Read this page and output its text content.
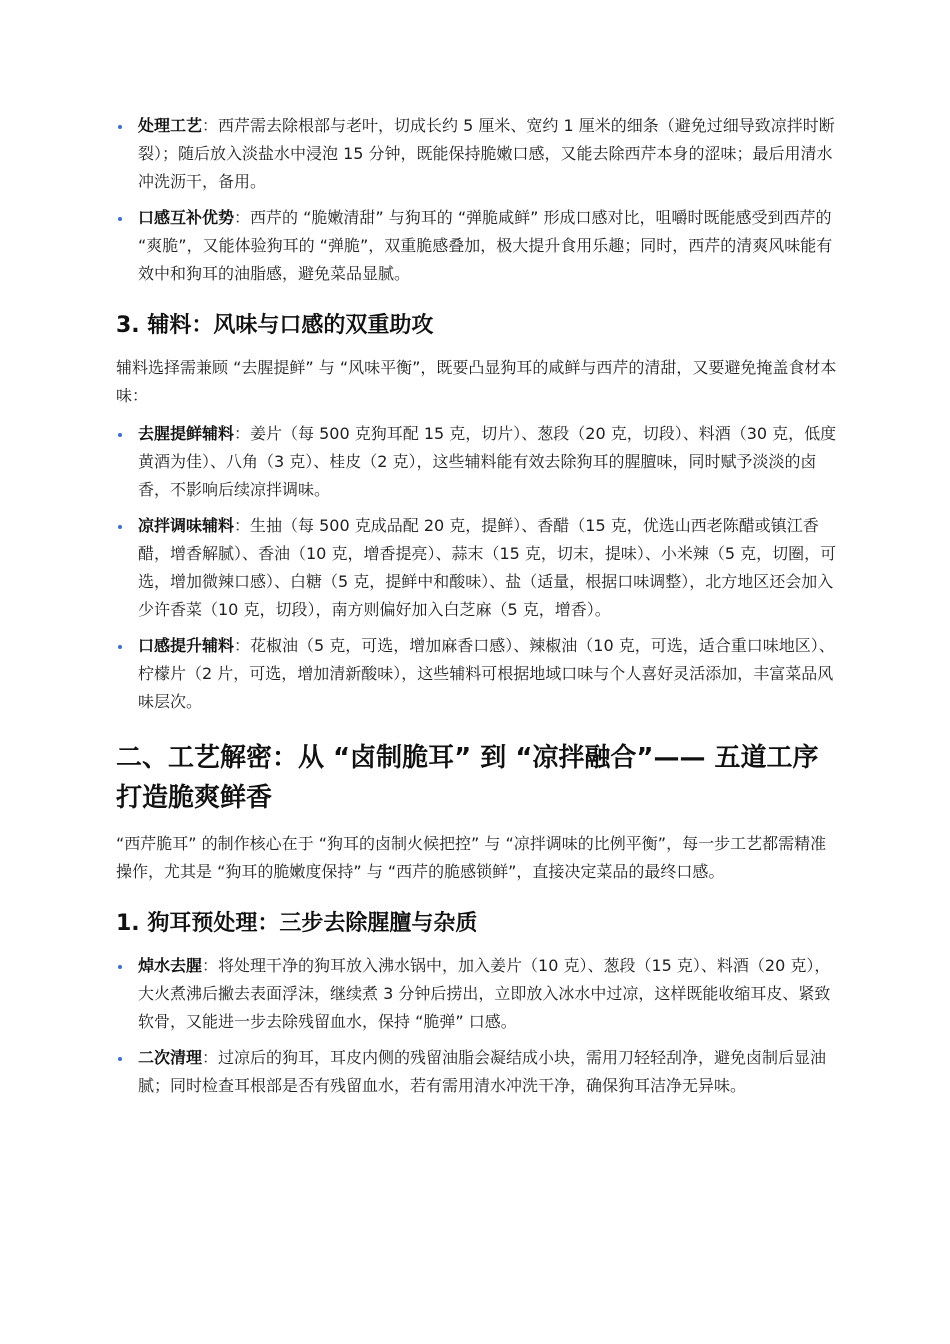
处理工艺：西芹需去除根部与老叶，切成长约 5 厘米、宽约 1 厘米的细条（避免过细导致凉拌时断裂）；随后放入淡盐水中浸泡 15 分钟，既能保持脆嫩口感，又能去除西芹本身的涩味；最后用清水冲洗沥干，备用。
口感互补优势：西芹的 “脆嫩清甜” 与狗耳的 “弹脆咸鲜” 形成口感对比，咀嚼时既能感受到西芹的 “爽脆”，又能体验狗耳的 “弹脆”，双重脆感叠加，极大提升食用乐趣；同时，西芹的清爽风味能有效中和狗耳的油脂感，避免菜品显腻。
3. 辅料：风味与口感的双重助攻

辅料选择需兼顾 “去腥提鲜” 与 “风味平衡”，既要凸显狗耳的咸鲜与西芹的清甜，又要避免掩盖食材本味：

去腥提鲜辅料：姜片（每 500 克狗耳配 15 克，切片）、葱段（20 克，切段）、料酒（30 克，低度黄酒为佳）、八角（3 克）、桂皮（2 克），这些辅料能有效去除狗耳的腥膻味，同时赋予淡淡的卤香，不影响后续凉拌调味。
凉拌调味辅料：生抽（每 500 克成品配 20 克，提鲜）、香醋（15 克，优选山西老陈醋或镇江香醋，增香解腻）、香油（10 克，增香提亮）、蒜末（15 克，切末，提味）、小米辣（5 克，切圈，可选，增加微辣口感）、白糖（5 克，提鲜中和酸味）、盐（适量，根据口味调整），北方地区还会加入少许香菜（10 克，切段），南方则偏好加入白芝麻（5 克，增香）。
口感提升辅料：花椒油（5 克，可选，增加麻香口感）、辣椒油（10 克，可选，适合重口味地区）、柠檬片（2 片，可选，增加清新酸味），这些辅料可根据地域口味与个人喜好灵活添加，丰富菜品风味层次。
二、工艺解密：从 “卤制脆耳” 到 “凉拌融合”—— 五道工序打造脆爽鲜香

“西芹脆耳” 的制作核心在于 “狗耳的卤制火候把控” 与 “凉拌调味的比例平衡”，每一步工艺都需精准操作，尤其是 “狗耳的脆嫩度保持” 与 “西芹的脆感锁鲜”，直接决定菜品的最终口感。

1. 狗耳预处理：三步去除腥膻与杂质
焯水去腥：将处理干净的狗耳放入沸水锅中，加入姜片（10 克）、葱段（15 克）、料酒（20 克），大火煮沸后撇去表面浮沫，继续煮 3 分钟后捞出，立即放入冰水中过凉，这样既能收缩耳皮、紧致软骨，又能进一步去除残留血水，保持 “脆弹” 口感。
二次清理：过凉后的狗耳，耳皮内侧的残留油脂会凝结成小块，需用刀轻轻刮净，避免卤制后显油腻；同时检查耳根部是否有残留血水，若有需用清水冲洗干净，确保狗耳洁净无异味。
